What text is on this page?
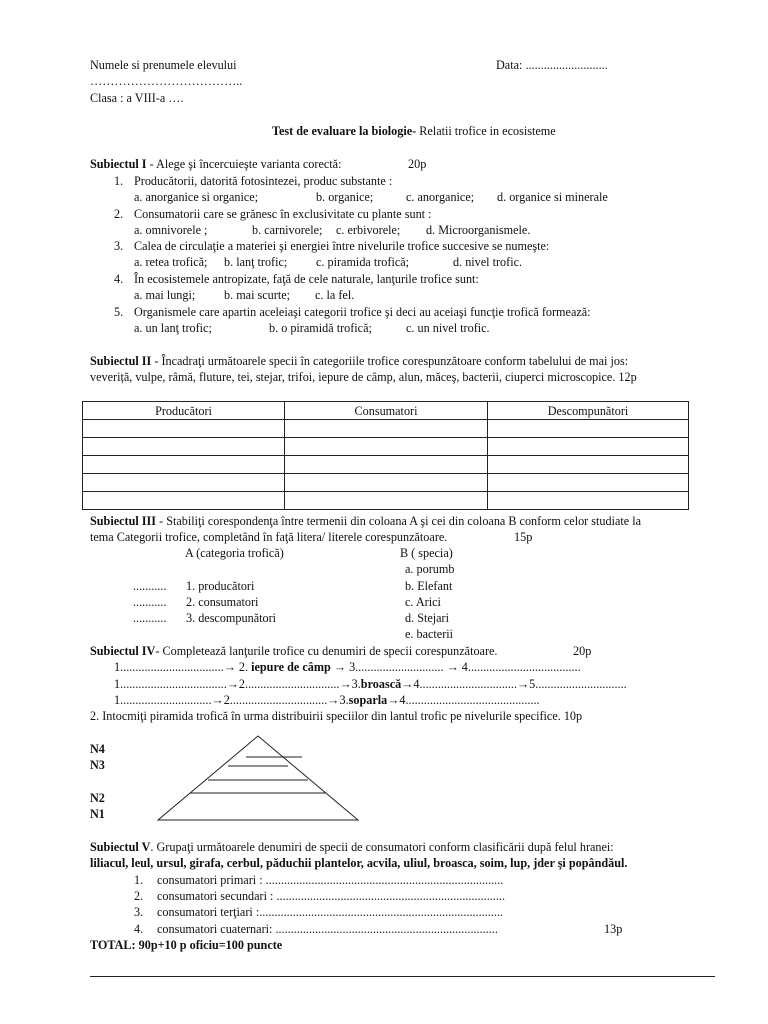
Numele si prenumele elevului	Data: ...........................
………………………………..
Clasa : a VIII-a ….
Test de evaluare la biologie- Relatii trofice in ecosisteme
Subiectul I - Alege şi încercuieşte varianta corectă:	20p
1. Producătorii, datorită fotosintezei, produc substante :
a. anorganice si organice;	b. organice;	c. anorganice; d. organice si minerale
2. Consumatorii care se grănesc în exclusivitate cu plante sunt :
a. omnivorele ;	b. carnivorele; c. erbivorele; d. Microorganismele.
3. Calea de circulaţie a materiei şi energiei între nivelurile trofice succesive se numeşte:
a. retea trofică; b. lanţ trofic; c. piramida trofică;	d. nivel trofic.
4. În ecosistemele antropizate, faţă de cele naturale, lanţurile trofice sunt:
a. mai lungi; b. mai scurte; c. la fel.
5. Organismele care apartin aceleiaşi categorii trofice şi deci au aceiaşi funcţie trofică formează:
a. un lanţ trofic;	b. o piramidă trofică;	c. un nivel trofic.
Subiectul II - Încadraţi următoarele specii în categoriile trofice corespunzătoare conform tabelului de mai jos:
veveriță, vulpe, râmă, fluture, tei, stejar, trifoi, iepure de câmp, alun, măceş, bacterii, ciuperci microscopice. 12p
Producători	Consumatori	Descompunători

Subiectul III - Stabiliţi corespondenţa între termenii din coloana A şi cei din coloana B conform celor studiate la
tema Categorii trofice, completând în faţă litera/ literele corespunzătoare.	15p
A (categoria trofică)	B ( specia)
a. porumb
........... 1. producători	b. Elefant
........... 2. consumatori	c. Arici
........... 3. descompunători	d. Stejari
e. bacterii
Subiectul IV- Completează lanţurile trofice cu denumiri de specii corespunzătoare.	20p
1..................................→ 2. iepure de câmp → 3............................. → 4.....................................
1...................................→2...............................→3.broască→4................................→5..............................
1..............................→2................................→3.soparla→4............................................
2. Intocmiţi piramida trofică în urma distribuirii speciilor din lantul trofic pe nivelurile specifice. 10p
N4
N3
N2
N1
Subiectul V. Grupaţi următoarele denumiri de specii de consumatori conform clasificării după felul hranei:
liliacul, leul, ursul, girafa, cerbul, păduchii plantelor, acvila, uliul, broasca, soim, lup, jder şi popândăul.
1. consumatori primari : ..............................................................................
2. consumatori secundari : ...........................................................................
3. consumatori terţiari :................................................................................
4. consumatori cuaternari: .........................................................................	13p
TOTAL: 90p+10 p oficiu=100 puncte
